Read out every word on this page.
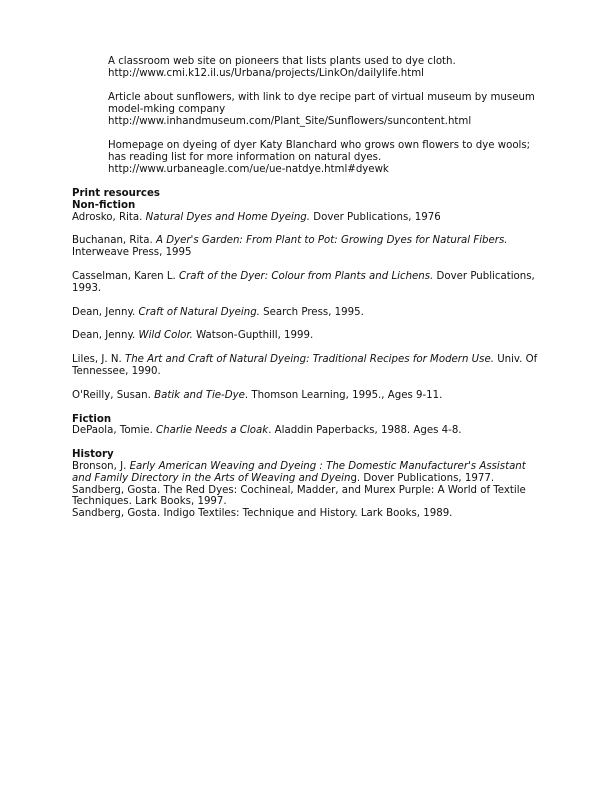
A classroom web site on pioneers that lists plants used to dye cloth.

http://www.cmi.k12.il.us/Urbana/projects/LinkOn/dailylife.html

Article about sunflowers, with link to dye recipe part of virtual museum by museum

model-mking company

http://www.inhandmuseum.com/Plant_Site/Sunflowers/suncontent.html

Homepage on dyeing of dyer Katy Blanchard who grows own flowers to dye wools;

has reading list for more information on natural dyes.

http://www.urbaneagle.com/ue/ue-natdye.html#dyewk

Print resources

Non-fiction

Adrosko, Rita. Natural Dyes and Home Dyeing. Dover Publications, 1976

Buchanan, Rita. A Dyer's Garden: From Plant to Pot: Growing Dyes for Natural Fibers. Interweave Press, 1995

Casselman, Karen L. Craft of the Dyer: Colour from Plants and Lichens. Dover Publications, 1993.

Dean, Jenny. Craft of Natural Dyeing. Search Press, 1995.

Dean, Jenny. Wild Color. Watson-Gupthill, 1999.

Liles, J. N. The Art and Craft of Natural Dyeing: Traditional Recipes for Modern Use. Univ. Of Tennessee, 1990.

O'Reilly, Susan. Batik and Tie-Dye. Thomson Learning, 1995., Ages 9-11.

Fiction

DePaola, Tomie. Charlie Needs a Cloak. Aladdin Paperbacks, 1988. Ages 4-8.

History

Bronson, J. Early American Weaving and Dyeing : The Domestic Manufacturer's Assistant and Family Directory in the Arts of Weaving and Dyeing. Dover Publications, 1977.

Sandberg, Gosta. The Red Dyes: Cochineal, Madder, and Murex Purple: A World of Textile Techniques. Lark Books, 1997.

Sandberg, Gosta. Indigo Textiles: Technique and History. Lark Books, 1989.
